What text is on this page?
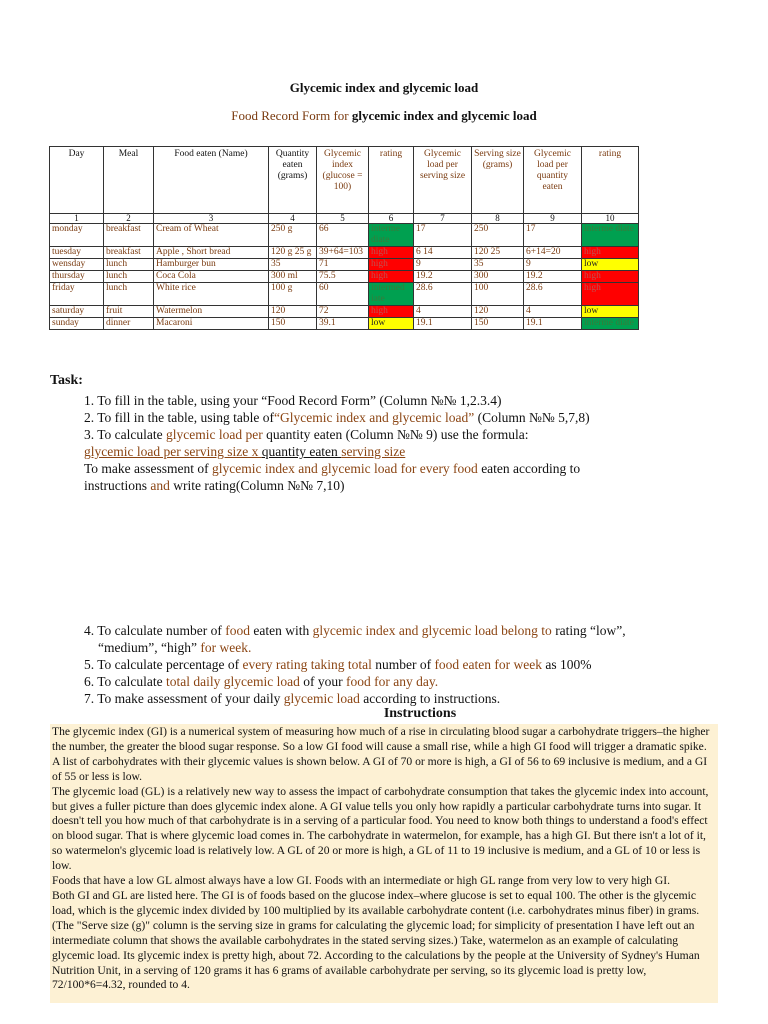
Glycemic index and glycemic load
Food Record Form for glycemic index and glycemic load
Day	Meal	Food eaten (Name)	Quantity eaten (grams)	Glycemic index (glucose = 100)	rating	Glycemic load per serving size	Serving size (grams)	Glycemic load per quantity eaten	rating
1	2	3	4	5	6	7	8	9	10
monday	breakfast	Cream of Wheat	250 g	66	interme diate	17	250	17	interme diate
tuesday	breakfast	Apple , Short bread	120 g 25 g	39+64=103	high	6 14	120 25	6+14=20	high
wensday	lunch	Hamburger bun	35	71	high	9	35	9	low
thursday	lunch	Coca Cola	300 ml	75.5	high	19.2	300	19.2	high
friday	lunch	White rice	100 g	60	intermed iate	28.6	100	28.6	high
saturday	fruit	Watermelon	120	72	high	4	120	4	low
sunday	dinner	Macaroni	150	39.1	low	19.1	150	19.1	interme diate
Task:
1. To fill in the table, using your “Food Record Form” (Column №№ 1,2.3.4)
2. To fill in the table, using table of“Glycemic index and glycemic load” (Column №№ 5,7,8)
3. To calculate glycemic load per quantity eaten (Column №№ 9) use the formula:
glycemic load per serving size x quantity eaten serving size
To make assessment of glycemic index and glycemic load for every food eaten according to
instructions and write rating(Column №№ 7,10)
4. To calculate number of food eaten with glycemic index and glycemic load belong to rating “low”,
“medium”, “high” for week.
5. To calculate percentage of every rating taking total number of food eaten for week as 100%
6. To calculate total daily glycemic load of your food for any day.
7. To make assessment of your daily glycemic load according to instructions.
Instructions

The glycemic index (GI) is a numerical system of measuring how much of a rise in circulating blood sugar a carbohydrate triggers–the higher the number, the greater the blood sugar response. So a low GI food will cause a small rise, while a high GI food will trigger a dramatic spike. A list of carbohydrates with their glycemic values is shown below. A GI of 70 or more is high, a GI of 56 to 69 inclusive is medium, and a GI of 55 or less is low.

The glycemic load (GL) is a relatively new way to assess the impact of carbohydrate consumption that takes the glycemic index into account, but gives a fuller picture than does glycemic index alone. A GI value tells you only how rapidly a particular carbohydrate turns into sugar. It doesn't tell you how much of that carbohydrate is in a serving of a particular food. You need to know both things to understand a food's effect on blood sugar. That is where glycemic load comes in. The carbohydrate in watermelon, for example, has a high GI. But there isn't a lot of it, so watermelon's glycemic load is relatively low. A GL of 20 or more is high, a GL of 11 to 19 inclusive is medium, and a GL of 10 or less is low.

Foods that have a low GL almost always have a low GI. Foods with an intermediate or high GL range from very low to very high GI.

Both GI and GL are listed here. The GI is of foods based on the glucose index–where glucose is set to equal 100. The other is the glycemic load, which is the glycemic index divided by 100 multiplied by its available carbohydrate content (i.e. carbohydrates minus fiber) in grams. (The "Serve size (g)" column is the serving size in grams for calculating the glycemic load; for simplicity of presentation I have left out an intermediate column that shows the available carbohydrates in the stated serving sizes.) Take, watermelon as an example of calculating glycemic load. Its glycemic index is pretty high, about 72. According to the calculations by the people at the University of Sydney's Human Nutrition Unit, in a serving of 120 grams it has 6 grams of available carbohydrate per serving, so its glycemic load is pretty low, 72/100*6=4.32, rounded to 4.
